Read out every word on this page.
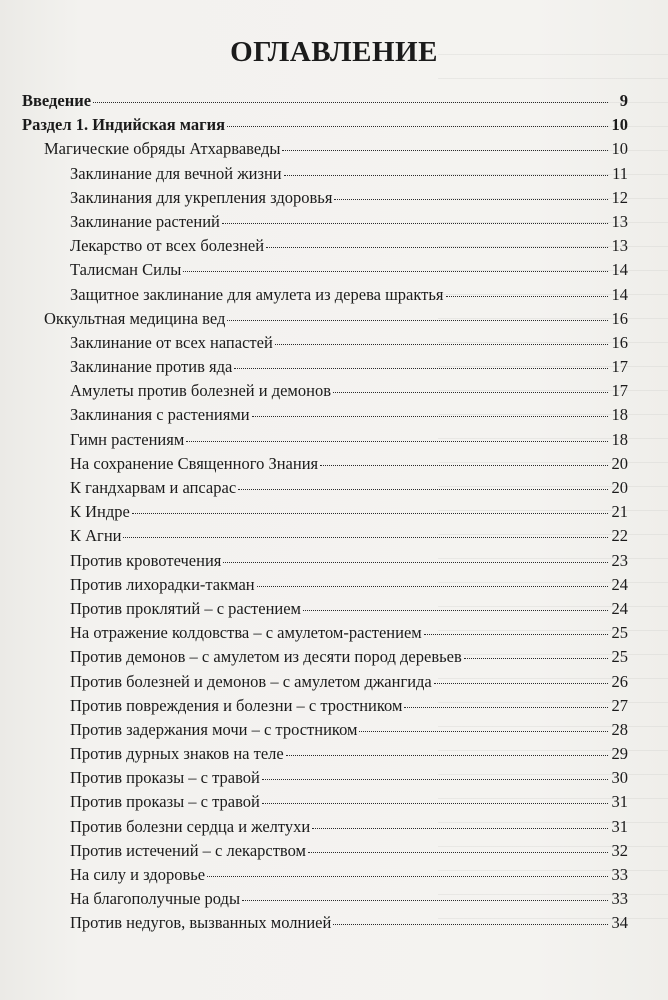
ОГЛАВЛЕНИЕ
Введение	9
Раздел 1. Индийская магия	10
Магические обряды Атхарваведы	10
Заклинание для вечной жизни	11
Заклинания для укрепления здоровья	12
Заклинание растений	13
Лекарство от всех болезней	13
Талисман Силы	14
Защитное заклинание для амулета из дерева шрактья	14
Оккультная медицина вед	16
Заклинание от всех напастей	16
Заклинание против яда	17
Амулеты против болезней и демонов	17
Заклинания с растениями	18
Гимн растениям	18
На сохранение Священного Знания	20
К гандхарвам и апсарас	20
К Индре	21
К Агни	22
Против кровотечения	23
Против лихорадки-такман	24
Против проклятий – с растением	24
На отражение колдовства – с амулетом-растением	25
Против демонов – с амулетом из десяти пород деревьев	25
Против болезней и демонов – с амулетом джангида	26
Против повреждения и болезни – с тростником	27
Против задержания мочи – с тростником	28
Против дурных знаков на теле	29
Против проказы – с травой	30
Против проказы – с травой	31
Против болезни сердца и желтухи	31
Против истечений – с лекарством	32
На силу и здоровье	33
На благополучные роды	33
Против недугов, вызванных молнией	34
